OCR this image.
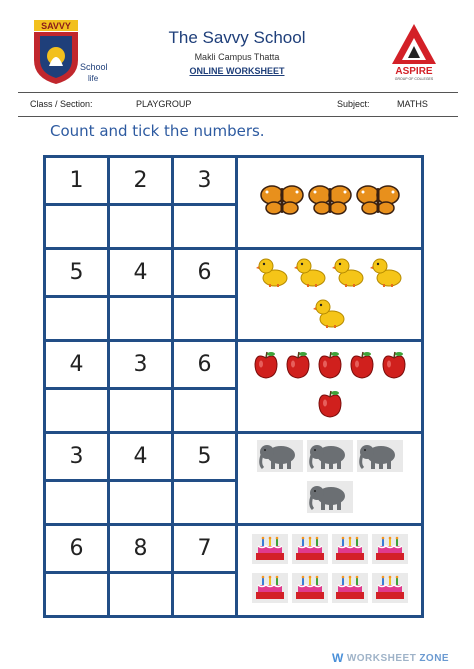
SAVVY
School
life
The Savvy School
Makli Campus Thatta
ONLINE WORKSHEET	ASPIRE
GROUP OF COLLEGES
Class / Section:	PLAYGROUP	Subject:	MATHS
Count and tick the numbers.
1	2	3	

5	4	6	

4	3	6	

3	4	5	

6	8	7	

W WORKSHEET ZONE
